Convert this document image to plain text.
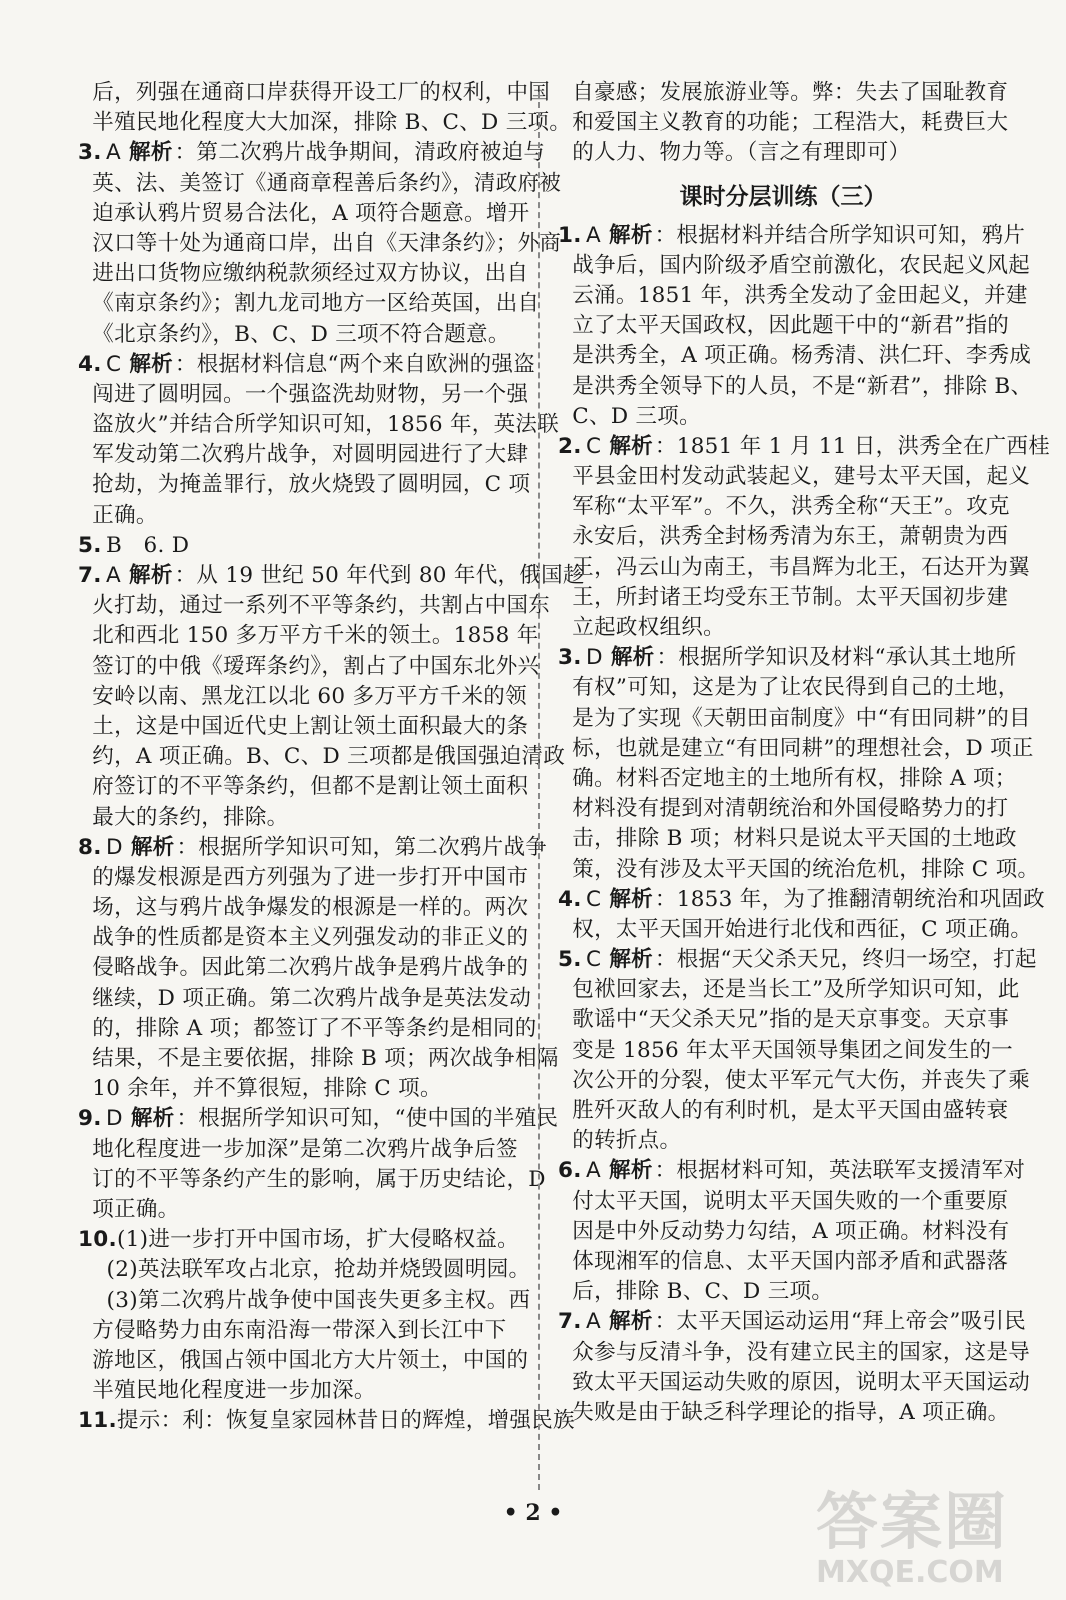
后，列强在通商口岸获得开设工厂的权利，中国
半殖民地化程度大大加深，排除 B、C、D 三项。
3. A 解析：第二次鸦片战争期间，清政府被迫与
英、法、美签订《通商章程善后条约》，清政府被
迫承认鸦片贸易合法化，A 项符合题意。增开
汉口等十处为通商口岸，出自《天津条约》；外商
进出口货物应缴纳税款须经过双方协议，出自
《南京条约》；割九龙司地方一区给英国，出自
《北京条约》，B、C、D 三项不符合题意。
4. C 解析：根据材料信息“两个来自欧洲的强盗
闯进了圆明园。一个强盗洗劫财物，另一个强
盗放火”并结合所学知识可知，1856 年，英法联
军发动第二次鸦片战争，对圆明园进行了大肆
抢劫，为掩盖罪行，放火烧毁了圆明园，C 项
正确。
5. B   6. D
7. A 解析：从 19 世纪 50 年代到 80 年代，俄国趁
火打劫，通过一系列不平等条约，共割占中国东
北和西北 150 多万平方千米的领土。1858 年
签订的中俄《瑷珲条约》，割占了中国东北外兴
安岭以南、黑龙江以北 60 多万平方千米的领
土，这是中国近代史上割让领土面积最大的条
约，A 项正确。B、C、D 三项都是俄国强迫清政
府签订的不平等条约，但都不是割让领土面积
最大的条约，排除。
8. D 解析：根据所学知识可知，第二次鸦片战争
的爆发根源是西方列强为了进一步打开中国市
场，这与鸦片战争爆发的根源是一样的。两次
战争的性质都是资本主义列强发动的非正义的
侵略战争。因此第二次鸦片战争是鸦片战争的
继续，D 项正确。第二次鸦片战争是英法发动
的，排除 A 项；都签订了不平等条约是相同的
结果，不是主要依据，排除 B 项；两次战争相隔
10 余年，并不算很短，排除 C 项。
9. D 解析：根据所学知识可知，“使中国的半殖民
地化程度进一步加深”是第二次鸦片战争后签
订的不平等条约产生的影响，属于历史结论，D
项正确。
10.(1)进一步打开中国市场，扩大侵略权益。
(2)英法联军攻占北京，抢劫并烧毁圆明园。
(3)第二次鸦片战争使中国丧失更多主权。西
方侵略势力由东南沿海一带深入到长江中下
游地区，俄国占领中国北方大片领土，中国的
半殖民地化程度进一步加深。
11.提示：利：恢复皇家园林昔日的辉煌，增强民族
自豪感；发展旅游业等。弊：失去了国耻教育
和爱国主义教育的功能；工程浩大，耗费巨大
的人力、物力等。（言之有理即可）
课时分层训练（三）
1. A 解析：根据材料并结合所学知识可知，鸦片
战争后，国内阶级矛盾空前激化，农民起义风起
云涌。1851 年，洪秀全发动了金田起义，并建
立了太平天国政权，因此题干中的“新君”指的
是洪秀全，A 项正确。杨秀清、洪仁玕、李秀成
是洪秀全领导下的人员，不是“新君”，排除 B、
C、D 三项。
2. C 解析：1851 年 1 月 11 日，洪秀全在广西桂
平县金田村发动武装起义，建号太平天国，起义
军称“太平军”。不久，洪秀全称“天王”。攻克
永安后，洪秀全封杨秀清为东王，萧朝贵为西
王，冯云山为南王，韦昌辉为北王，石达开为翼
王，所封诸王均受东王节制。太平天国初步建
立起政权组织。
3. D 解析：根据所学知识及材料“承认其土地所
有权”可知，这是为了让农民得到自己的土地，
是为了实现《天朝田亩制度》中“有田同耕”的目
标，也就是建立“有田同耕”的理想社会，D 项正
确。材料否定地主的土地所有权，排除 A 项；
材料没有提到对清朝统治和外国侵略势力的打
击，排除 B 项；材料只是说太平天国的土地政
策，没有涉及太平天国的统治危机，排除 C 项。
4. C 解析：1853 年，为了推翻清朝统治和巩固政
权，太平天国开始进行北伐和西征，C 项正确。
5. C 解析：根据“天父杀天兄，终归一场空，打起
包袱回家去，还是当长工”及所学知识可知，此
歌谣中“天父杀天兄”指的是天京事变。天京事
变是 1856 年太平天国领导集团之间发生的一
次公开的分裂，使太平军元气大伤，并丧失了乘
胜歼灭敌人的有利时机，是太平天国由盛转衰
的转折点。
6. A 解析：根据材料可知，英法联军支援清军对
付太平天国，说明太平天国失败的一个重要原
因是中外反动势力勾结，A 项正确。材料没有
体现湘军的信息、太平天国内部矛盾和武器落
后，排除 B、C、D 三项。
7. A 解析：太平天国运动运用“拜上帝会”吸引民
众参与反清斗争，没有建立民主的国家，这是导
致太平天国运动失败的原因，说明太平天国运动
失败是由于缺乏科学理论的指导，A 项正确。
• 2 •	答案圈
MXQE.COM
